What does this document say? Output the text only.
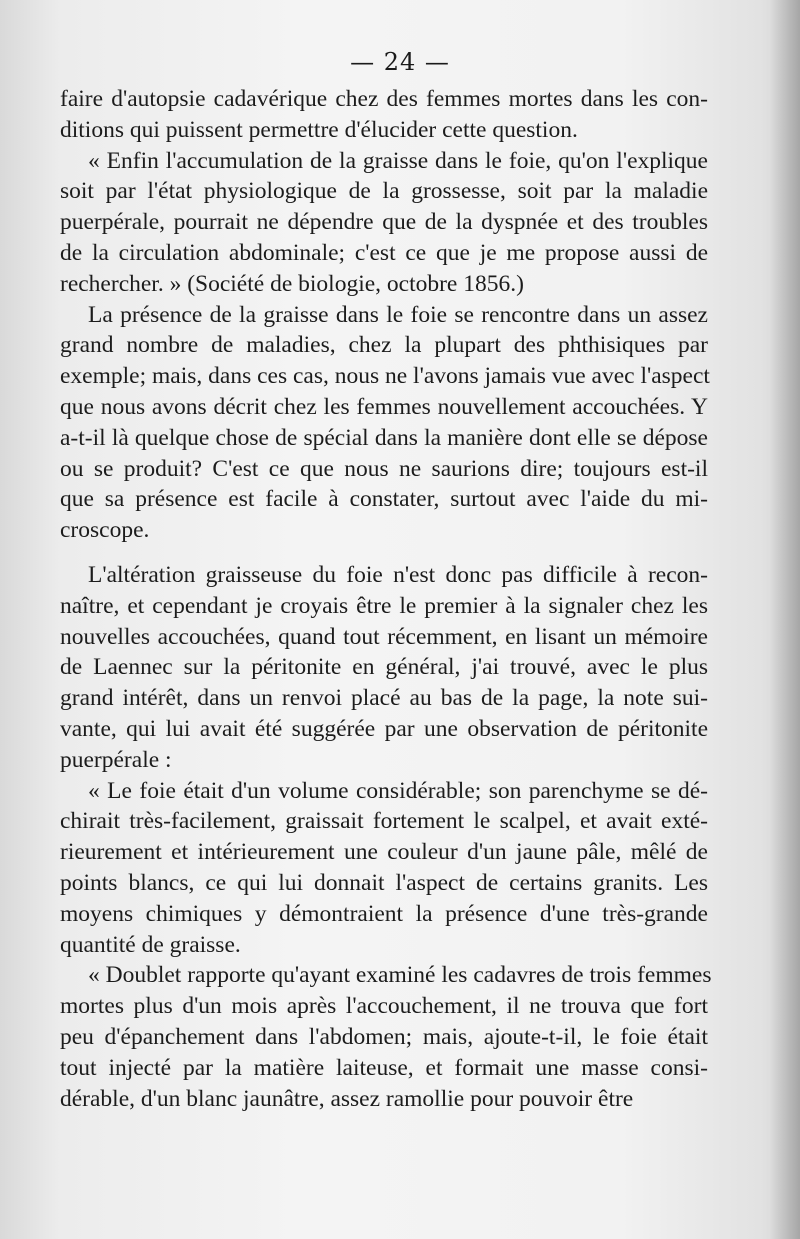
— 24 —
faire d'autopsie cadavérique chez des femmes mortes dans les con-
ditions qui puissent permettre d'élucider cette question.
« Enfin l'accumulation de la graisse dans le foie, qu'on l'explique
soit par l'état physiologique de la grossesse, soit par la maladie
puerpérale, pourrait ne dépendre que de la dyspnée et des troubles
de la circulation abdominale; c'est ce que je me propose aussi de
rechercher. » (Société de biologie, octobre 1856.)
La présence de la graisse dans le foie se rencontre dans un assez
grand nombre de maladies, chez la plupart des phthisiques par
exemple; mais, dans ces cas, nous ne l'avons jamais vue avec l'aspect
que nous avons décrit chez les femmes nouvellement accouchées. Y
a-t-il là quelque chose de spécial dans la manière dont elle se dépose
ou se produit? C'est ce que nous ne saurions dire; toujours est-il
que sa présence est facile à constater, surtout avec l'aide du mi-
croscope.
L'altération graisseuse du foie n'est donc pas difficile à recon-
naître, et cependant je croyais être le premier à la signaler chez les
nouvelles accouchées, quand tout récemment, en lisant un mémoire
de Laennec sur la péritonite en général, j'ai trouvé, avec le plus
grand intérêt, dans un renvoi placé au bas de la page, la note sui-
vante, qui lui avait été suggérée par une observation de péritonite
puerpérale :
« Le foie était d'un volume considérable; son parenchyme se dé-
chirait très-facilement, graissait fortement le scalpel, et avait exté-
rieurement et intérieurement une couleur d'un jaune pâle, mêlé de
points blancs, ce qui lui donnait l'aspect de certains granits. Les
moyens chimiques y démontraient la présence d'une très-grande
quantité de graisse.
« Doublet rapporte qu'ayant examiné les cadavres de trois femmes
mortes plus d'un mois après l'accouchement, il ne trouva que fort
peu d'épanchement dans l'abdomen; mais, ajoute-t-il, le foie était
tout injecté par la matière laiteuse, et formait une masse consi-
dérable, d'un blanc jaunâtre, assez ramollie pour pouvoir être
